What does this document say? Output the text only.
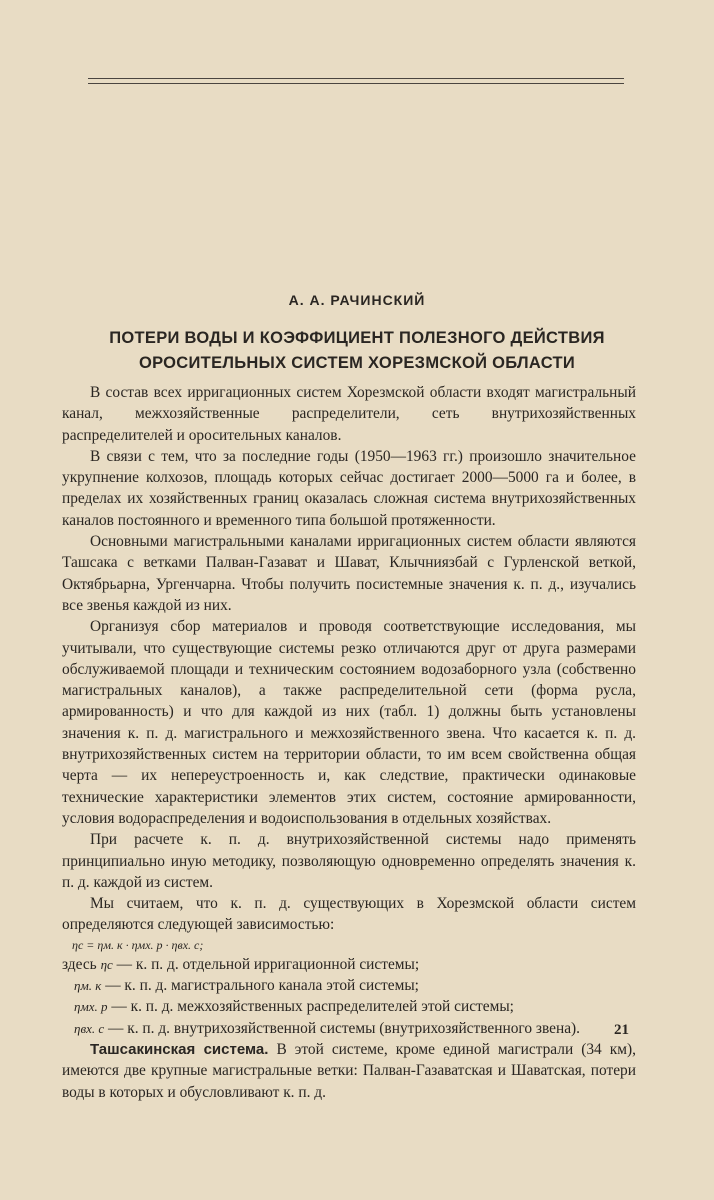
А. А. РАЧИНСКИЙ
ПОТЕРИ ВОДЫ И КОЭФФИЦИЕНТ ПОЛЕЗНОГО ДЕЙСТВИЯ
ОРОСИТЕЛЬНЫХ СИСТЕМ ХОРЕЗМСКОЙ ОБЛАСТИ

В состав всех ирригационных систем Хорезмской области входят магистральный канал, межхозяйственные распределители, сеть внутрихозяйственных распределителей и оросительных каналов.

В связи с тем, что за последние годы (1950—1963 гг.) произошло значительное укрупнение колхозов, площадь которых сейчас достигает 2000—5000 га и более, в пределах их хозяйственных границ оказалась сложная система внутрихозяйственных каналов постоянного и временного типа большой протяженности.

Основными магистральными каналами ирригационных систем области являются Ташсака с ветками Палван-Газават и Шават, Клычниязбай с Гурленской веткой, Октябрьарна, Ургенчарна. Чтобы получить посистемные значения к. п. д., изучались все звенья каждой из них.

Организуя сбор материалов и проводя соответствующие исследования, мы учитывали, что существующие системы резко отличаются друг от друга размерами обслуживаемой площади и техническим состоянием водозаборного узла (собственно магистральных каналов), а также распределительной сети (форма русла, армированность) и что для каждой из них (табл. 1) должны быть установлены значения к. п. д. магистрального и межхозяйственного звена. Что касается к. п. д. внутрихозяйственных систем на территории области, то им всем свойственна общая черта — их непереустроенность и, как следствие, практически одинаковые технические характеристики элементов этих систем, состояние армированности, условия водораспределения и водоиспользования в отдельных хозяйствах.

При расчете к. п. д. внутрихозяйственной системы надо применять принципиально иную методику, позволяющую одновременно определять значения к. п. д. каждой из систем.

Мы считаем, что к. п. д. существующих в Хорезмской области систем определяются следующей зависимостью:

ηс = ηм. к · ηмх. р · ηвх. с;
здесь ηс — к. п. д. отдельной ирригационной системы;
ηм. к — к. п. д. магистрального канала этой системы;
ηмх. р — к. п. д. межхозяйственных распределителей этой системы;
ηвх. с — к. п. д. внутрихозяйственной системы (внутрихозяйственного звена).

Ташсакинская система. В этой системе, кроме единой магистрали (34 км), имеются две крупные магистральные ветки: Палван-Газаватская и Шаватская, потери воды в которых и обусловливают к. п. д.

21
